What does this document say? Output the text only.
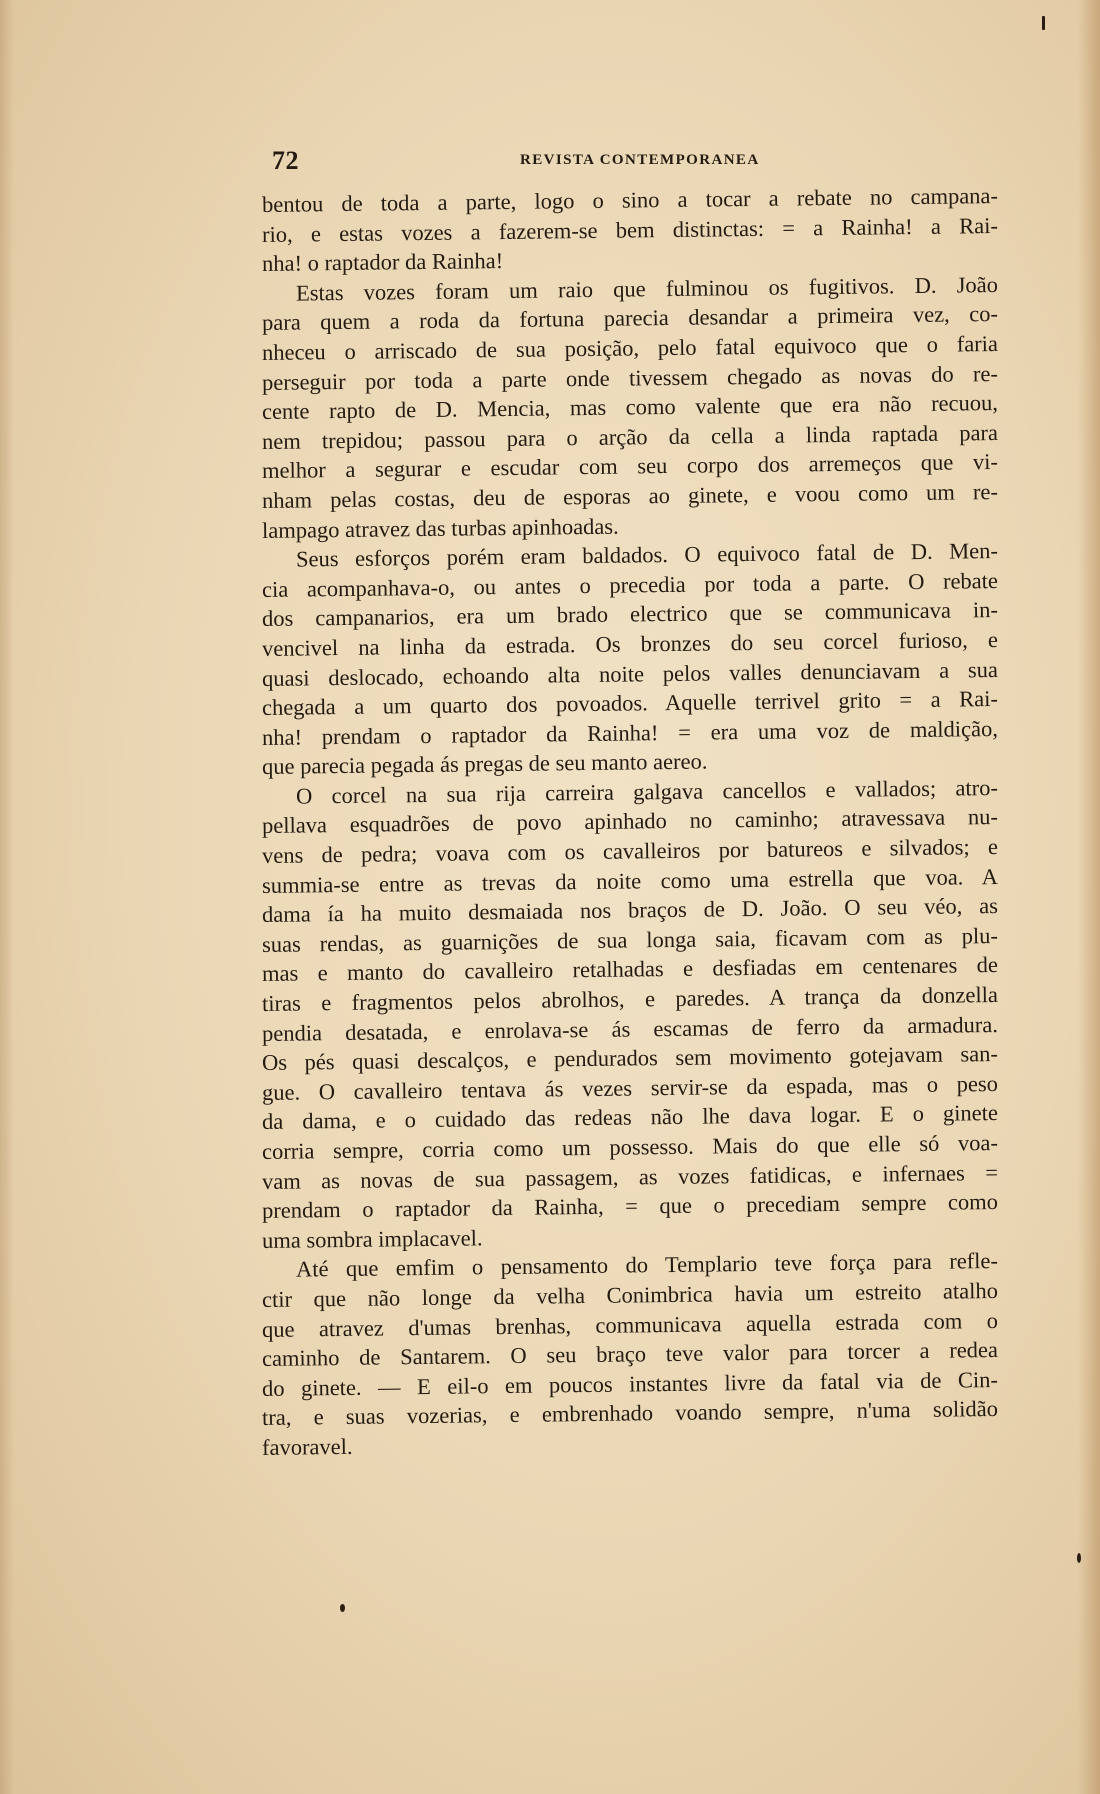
72	REVISTA CONTEMPORANEA
bentou de toda a parte, logo o sino a tocar a rebate no campana-
rio, e estas vozes a fazerem-se bem distinctas: = a Rainha! a Rai-
nha! o raptador da Rainha!
Estas vozes foram um raio que fulminou os fugitivos. D. João
para quem a roda da fortuna parecia desandar a primeira vez, co-
nheceu o arriscado de sua posição, pelo fatal equivoco que o faria
perseguir por toda a parte onde tivessem chegado as novas do re-
cente rapto de D. Mencia, mas como valente que era não recuou,
nem trepidou; passou para o arção da cella a linda raptada para
melhor a segurar e escudar com seu corpo dos arremeços que vi-
nham pelas costas, deu de esporas ao ginete, e voou como um re-
lampago atravez das turbas apinhoadas.
Seus esforços porém eram baldados. O equivoco fatal de D. Men-
cia acompanhava-o, ou antes o precedia por toda a parte. O rebate
dos campanarios, era um brado electrico que se communicava in-
vencivel na linha da estrada. Os bronzes do seu corcel furioso, e
quasi deslocado, echoando alta noite pelos valles denunciavam a sua
chegada a um quarto dos povoados. Aquelle terrivel grito = a Rai-
nha! prendam o raptador da Rainha! = era uma voz de maldição,
que parecia pegada ás pregas de seu manto aereo.
O corcel na sua rija carreira galgava cancellos e vallados; atro-
pellava esquadrões de povo apinhado no caminho; atravessava nu-
vens de pedra; voava com os cavalleiros por batureos e silvados; e
summia-se entre as trevas da noite como uma estrella que voa. A
dama ía ha muito desmaiada nos braços de D. João. O seu véo, as
suas rendas, as guarnições de sua longa saia, ficavam com as plu-
mas e manto do cavalleiro retalhadas e desfiadas em centenares de
tiras e fragmentos pelos abrolhos, e paredes. A trança da donzella
pendia desatada, e enrolava-se ás escamas de ferro da armadura.
Os pés quasi descalços, e pendurados sem movimento gotejavam san-
gue. O cavalleiro tentava ás vezes servir-se da espada, mas o peso
da dama, e o cuidado das redeas não lhe dava logar. E o ginete
corria sempre, corria como um possesso. Mais do que elle só voa-
vam as novas de sua passagem, as vozes fatidicas, e infernaes =
prendam o raptador da Rainha, = que o precediam sempre como
uma sombra implacavel.
Até que emfim o pensamento do Templario teve força para refle-
ctir que não longe da velha Conimbrica havia um estreito atalho
que atravez d'umas brenhas, communicava aquella estrada com o
caminho de Santarem. O seu braço teve valor para torcer a redea
do ginete. — E eil-o em poucos instantes livre da fatal via de Cin-
tra, e suas vozerias, e embrenhado voando sempre, n'uma solidão
favoravel.
